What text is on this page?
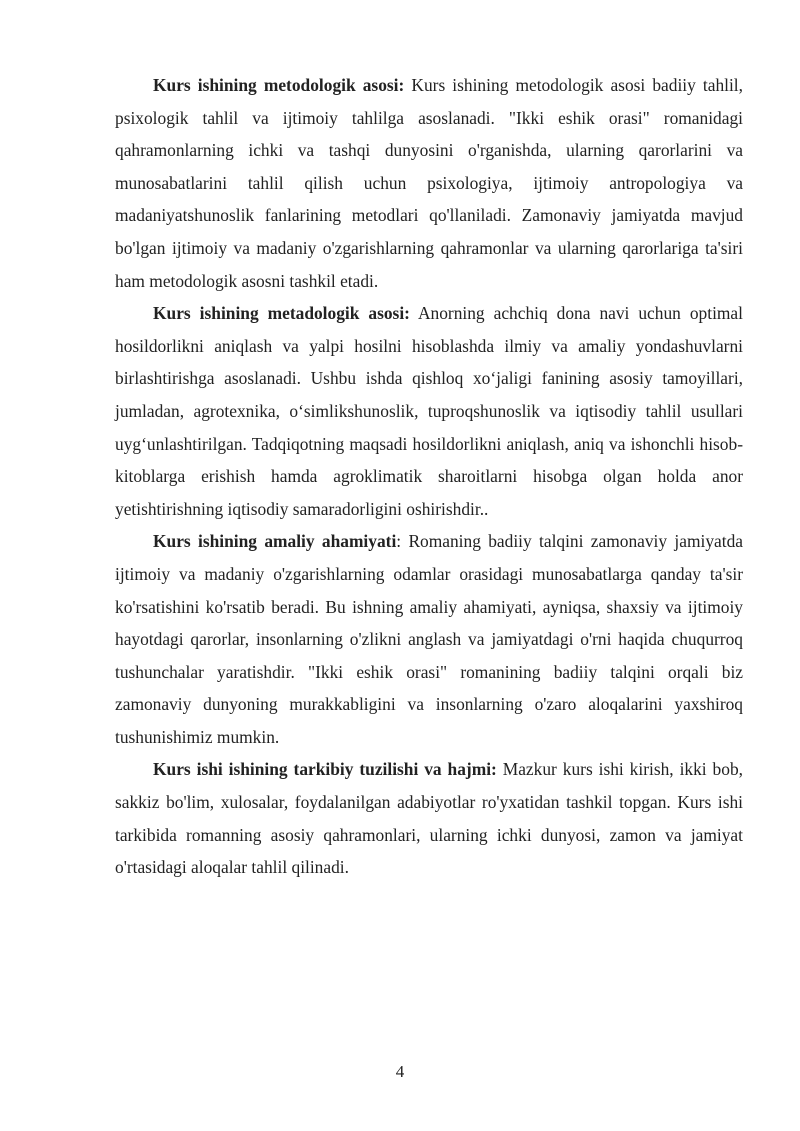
Kurs ishining metodologik asosi: Kurs ishining metodologik asosi badiiy tahlil, psixologik tahlil va ijtimoiy tahlilga asoslanadi. "Ikki eshik orasi" romanidagi qahramonlarning ichki va tashqi dunyosini o'rganishda, ularning qarorlarini va munosabatlarini tahlil qilish uchun psixologiya, ijtimoiy antropologiya va madaniyatshunoslik fanlarining metodlari qo'llaniladi. Zamonaviy jamiyatda mavjud bo'lgan ijtimoiy va madaniy o'zgarishlarning qahramonlar va ularning qarorlariga ta'siri ham metodologik asosni tashkil etadi.

Kurs ishining metadologik asosi: Anorning achchiq dona navi uchun optimal hosildorlikni aniqlash va yalpi hosilni hisoblashda ilmiy va amaliy yondashuvlarni birlashtirishga asoslanadi. Ushbu ishda qishloq xo‘jaligi fanining asosiy tamoyillari, jumladan, agrotexnika, o‘simlikshunoslik, tuproqshunoslik va iqtisodiy tahlil usullari uyg‘unlashtirilgan. Tadqiqotning maqsadi hosildorlikni aniqlash, aniq va ishonchli hisob-kitoblarga erishish hamda agroklimatik sharoitlarni hisobga olgan holda anor yetishtirishning iqtisodiy samaradorligini oshirishdir..

Kurs ishining amaliy ahamiyati: Romaning badiiy talqini zamonaviy jamiyatda ijtimoiy va madaniy o'zgarishlarning odamlar orasidagi munosabatlarga qanday ta'sir ko'rsatishini ko'rsatib beradi. Bu ishning amaliy ahamiyati, ayniqsa, shaxsiy va ijtimoiy hayotdagi qarorlar, insonlarning o'zlikni anglash va jamiyatdagi o'rni haqida chuqurroq tushunchalar yaratishdir. "Ikki eshik orasi" romanining badiiy talqini orqali biz zamonaviy dunyoning murakkabligini va insonlarning o'zaro aloqalarini yaxshiroq tushunishimiz mumkin.

Kurs ishi ishining tarkibiy tuzilishi va hajmi: Mazkur kurs ishi kirish, ikki bob, sakkiz bo'lim, xulosalar, foydalanilgan adabiyotlar ro'yxatidan tashkil topgan. Kurs ishi tarkibida romanning asosiy qahramonlari, ularning ichki dunyosi, zamon va jamiyat o'rtasidagi aloqalar tahlil qilinadi.

4
